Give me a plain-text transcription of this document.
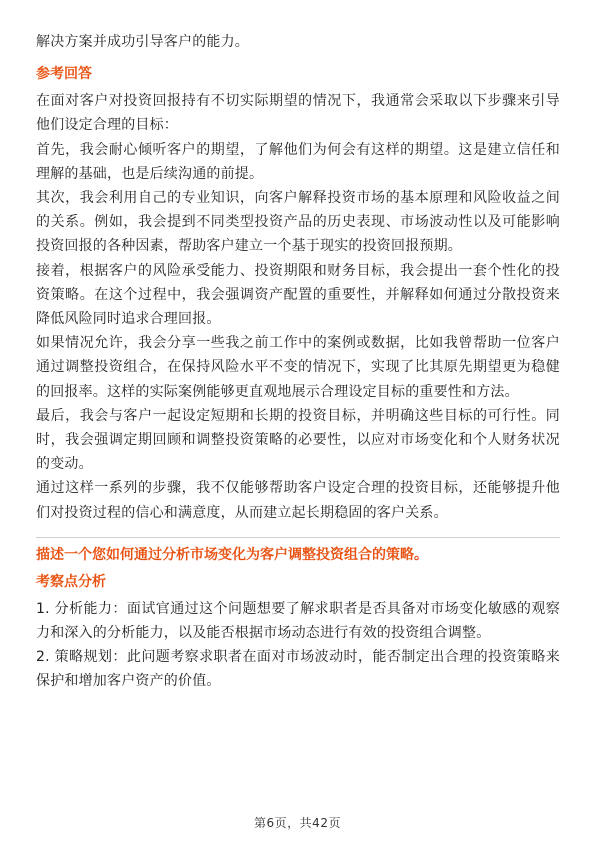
解决方案并成功引导客户的能力。

参考回答

在面对客户对投资回报持有不切实际期望的情况下，我通常会采取以下步骤来引导他们设定合理的目标：

首先，我会耐心倾听客户的期望，了解他们为何会有这样的期望。这是建立信任和理解的基础，也是后续沟通的前提。

其次，我会利用自己的专业知识，向客户解释投资市场的基本原理和风险收益之间的关系。例如，我会提到不同类型投资产品的历史表现、市场波动性以及可能影响投资回报的各种因素，帮助客户建立一个基于现实的投资回报预期。

接着，根据客户的风险承受能力、投资期限和财务目标，我会提出一套个性化的投资策略。在这个过程中，我会强调资产配置的重要性，并解释如何通过分散投资来降低风险同时追求合理回报。

如果情况允许，我会分享一些我之前工作中的案例或数据，比如我曾帮助一位客户通过调整投资组合，在保持风险水平不变的情况下，实现了比其原先期望更为稳健的回报率。这样的实际案例能够更直观地展示合理设定目标的重要性和方法。

最后，我会与客户一起设定短期和长期的投资目标，并明确这些目标的可行性。同时，我会强调定期回顾和调整投资策略的必要性，以应对市场变化和个人财务状况的变动。

通过这样一系列的步骤，我不仅能够帮助客户设定合理的投资目标，还能够提升他们对投资过程的信心和满意度，从而建立起长期稳固的客户关系。

描述一个您如何通过分析市场变化为客户调整投资组合的策略。
考察点分析

1. 分析能力：面试官通过这个问题想要了解求职者是否具备对市场变化敏感的观察力和深入的分析能力，以及能否根据市场动态进行有效的投资组合调整。

2. 策略规划：此问题考察求职者在面对市场波动时，能否制定出合理的投资策略来保护和增加客户资产的价值。

第6页，共42页
